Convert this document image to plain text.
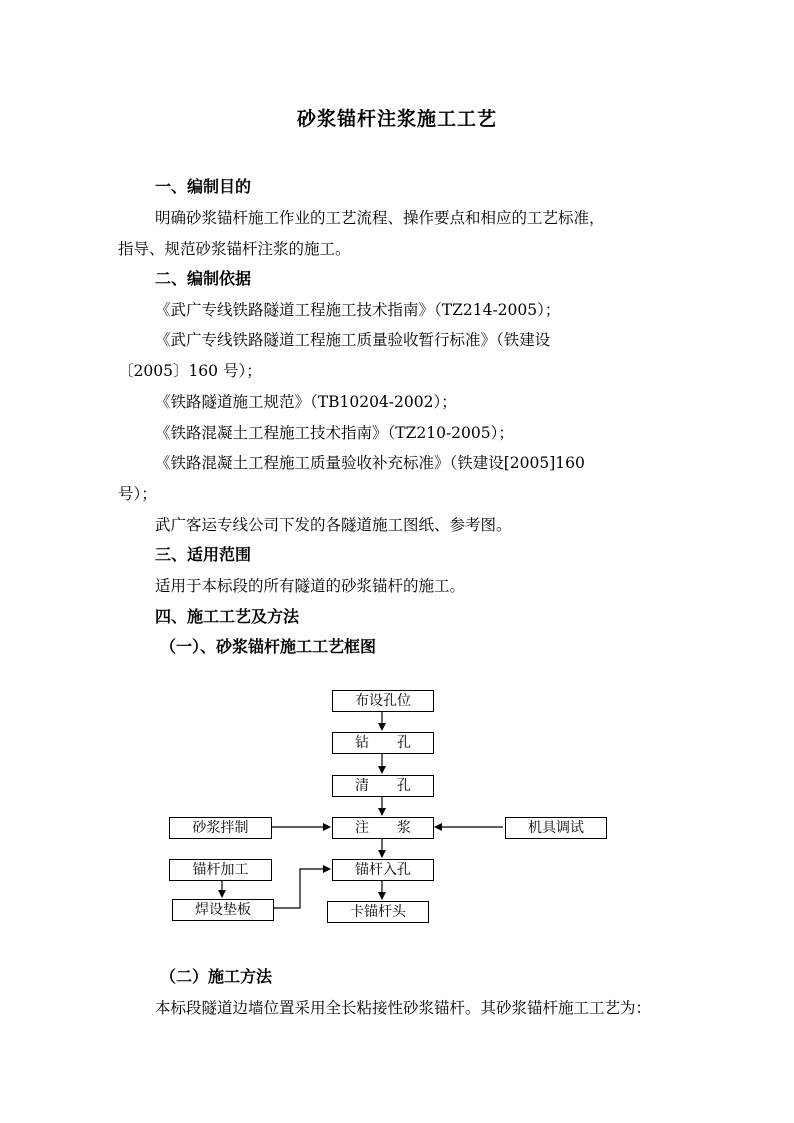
砂浆锚杆注浆施工工艺
一、编制目的
明确砂浆锚杆施工作业的工艺流程、操作要点和相应的工艺标准，
指导、规范砂浆锚杆注浆的施工。
二、编制依据
《武广专线铁路隧道工程施工技术指南》（TZ214-2005）；
《武广专线铁路隧道工程施工质量验收暂行标准》（铁建设
〔2005〕160 号）；
《铁路隧道施工规范》（TB10204-2002）；
《铁路混凝土工程施工技术指南》（TZ210-2005）；
《铁路混凝土工程施工质量验收补充标准》（铁建设[2005]160
号）；
武广客运专线公司下发的各隧道施工图纸、参考图。
三、适用范围
适用于本标段的所有隧道的砂浆锚杆的施工。
四、施工工艺及方法
（一）、砂浆锚杆施工工艺框图
布设孔位
钻　　孔
清　　孔
注　　浆
砂浆拌制	机具调试
锚杆加工	锚杆入孔
焊设垫板	卡锚杆头
（二）施工方法
本标段隧道边墙位置采用全长粘接性砂浆锚杆。其砂浆锚杆施工工艺为：
